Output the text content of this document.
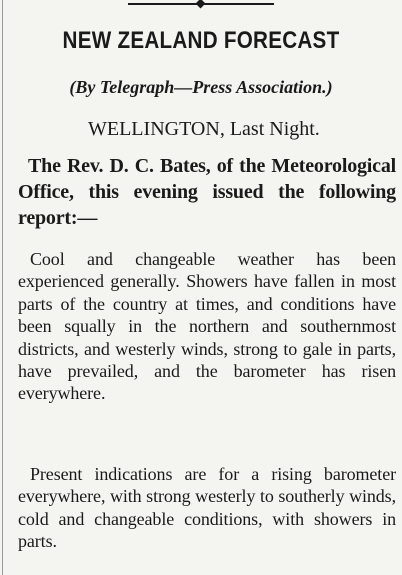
NEW ZEALAND FORECAST
(By Telegraph—Press Association.)
WELLINGTON, Last Night.
The Rev. D. C. Bates, of the Meteorological Office, this evening issued the following report:—
Cool and changeable weather has been experienced generally. Showers have fallen in most parts of the country at times, and conditions have been squally in the northern and southernmost districts, and westerly winds, strong to gale in parts, have prevailed, and the barometer has risen everywhere.
Present indications are for a rising barometer everywhere, with strong westerly to southerly winds, cold and changeable conditions, with showers in parts.
